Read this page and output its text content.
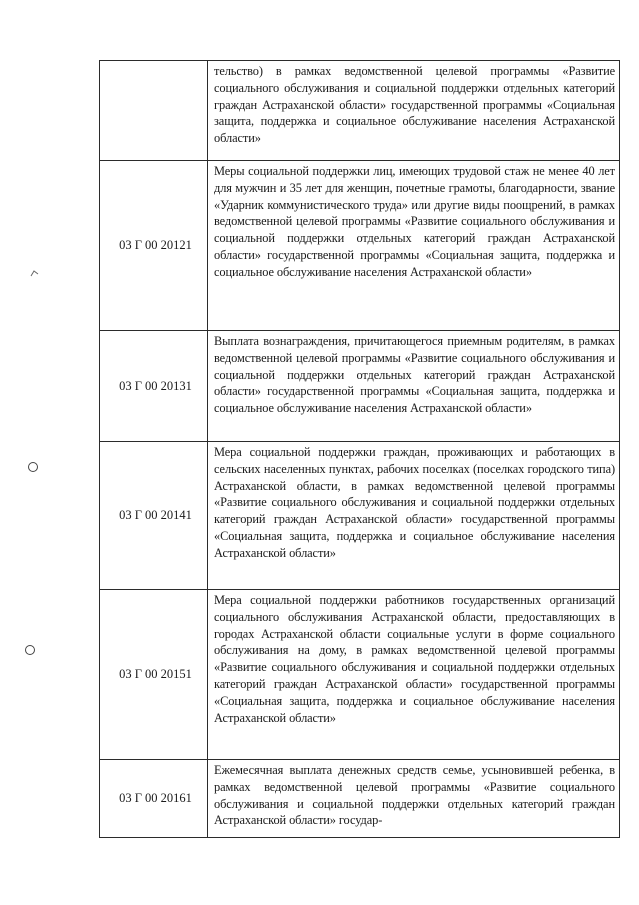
	тельство) в рамках ведомственной целевой программы «Развитие социального обслуживания и социальной поддержки отдельных категорий граждан Астраханской области» государственной программы «Социальная защита, поддержка и социальное обслуживание населения Астраханской области»
03 Г 00 20121	Меры социальной поддержки лиц, имеющих трудовой стаж не менее 40 лет для мужчин и 35 лет для женщин, почетные грамоты, благодарности, звание «Ударник коммунистического труда» или другие виды поощрений, в рамках ведомственной целевой программы «Развитие социального обслуживания и социальной поддержки отдельных категорий граждан Астраханской области» государственной программы «Социальная защита, поддержка и социальное обслуживание населения Астраханской области»
03 Г 00 20131	Выплата вознаграждения, причитающегося приемным родителям, в рамках ведомственной целевой программы «Развитие социального обслуживания и социальной поддержки отдельных категорий граждан Астраханской области» государственной программы «Социальная защита, поддержка и социальное обслуживание населения Астраханской области»
03 Г 00 20141	Мера социальной поддержки граждан, проживающих и работающих в сельских населенных пунктах, рабочих поселках (поселках городского типа) Астраханской области, в рамках ведомственной целевой программы «Развитие социального обслуживания и социальной поддержки отдельных категорий граждан Астраханской области» государственной программы «Социальная защита, поддержка и социальное обслуживание населения Астраханской области»
03 Г 00 20151	Мера социальной поддержки работников государственных организаций социального обслуживания Астраханской области, предоставляющих в городах Астраханской области социальные услуги в форме социального обслуживания на дому, в рамках ведомственной целевой программы «Развитие социального обслуживания и социальной поддержки отдельных категорий граждан Астраханской области» государственной программы «Социальная защита, поддержка и социальное обслуживание населения Астраханской области»
03 Г 00 20161	Ежемесячная выплата денежных средств семье, усыновившей ребенка, в рамках ведомственной целевой программы «Развитие социального обслуживания и социальной поддержки отдельных категорий граждан Астраханской области» государ-
